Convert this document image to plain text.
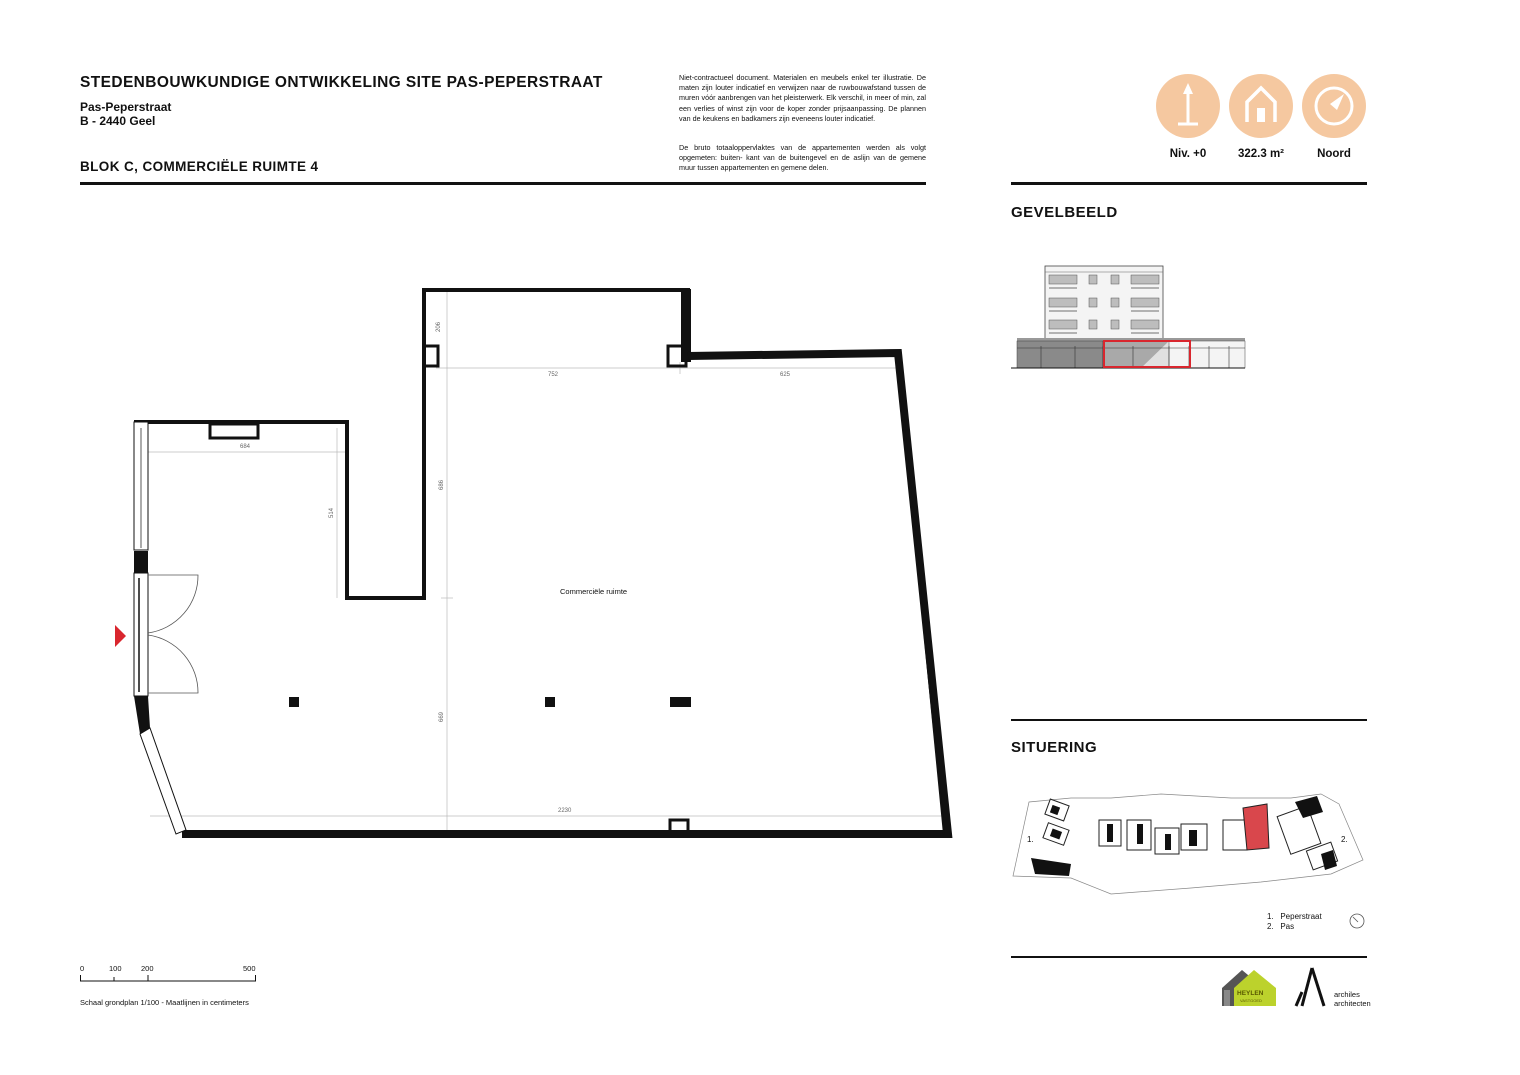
STEDENBOUWKUNDIGE ONTWIKKELING SITE PAS-PEPERSTRAAT
Pas-Peperstraat
B - 2440 Geel
BLOK C, COMMERCIËLE RUIMTE 4
Niet-contractueel document. Materialen en meubels enkel ter illustratie. De maten zijn louter indicatief en verwijzen naar de ruwbouwafstand tussen de muren vóór aanbrengen van het pleisterwerk. Elk verschil, in meer of min, zal een verlies of winst zijn voor de koper zonder prijsaanpassing. De plannen van de keukens en badkamers zijn eveneens louter indicatief.
De bruto totaaloppervlaktes van de appartementen werden als volgt opgemeten: buiten- kant van de buitengevel en de aslijn van de gemene muur tussen appartementen en gemene delen.
Niv. +0	322.3 m²	Noord
GEVELBEELD
SITUERING
1.	2.
1. Peperstraat
2. Pas
HEYLEN
VASTGOED
archiles
architecten
206
752	625
684
514
686
669
2230
Commerciële ruimte
0	100	200	500
Schaal grondplan 1/100 - Maatlijnen in centimeters
